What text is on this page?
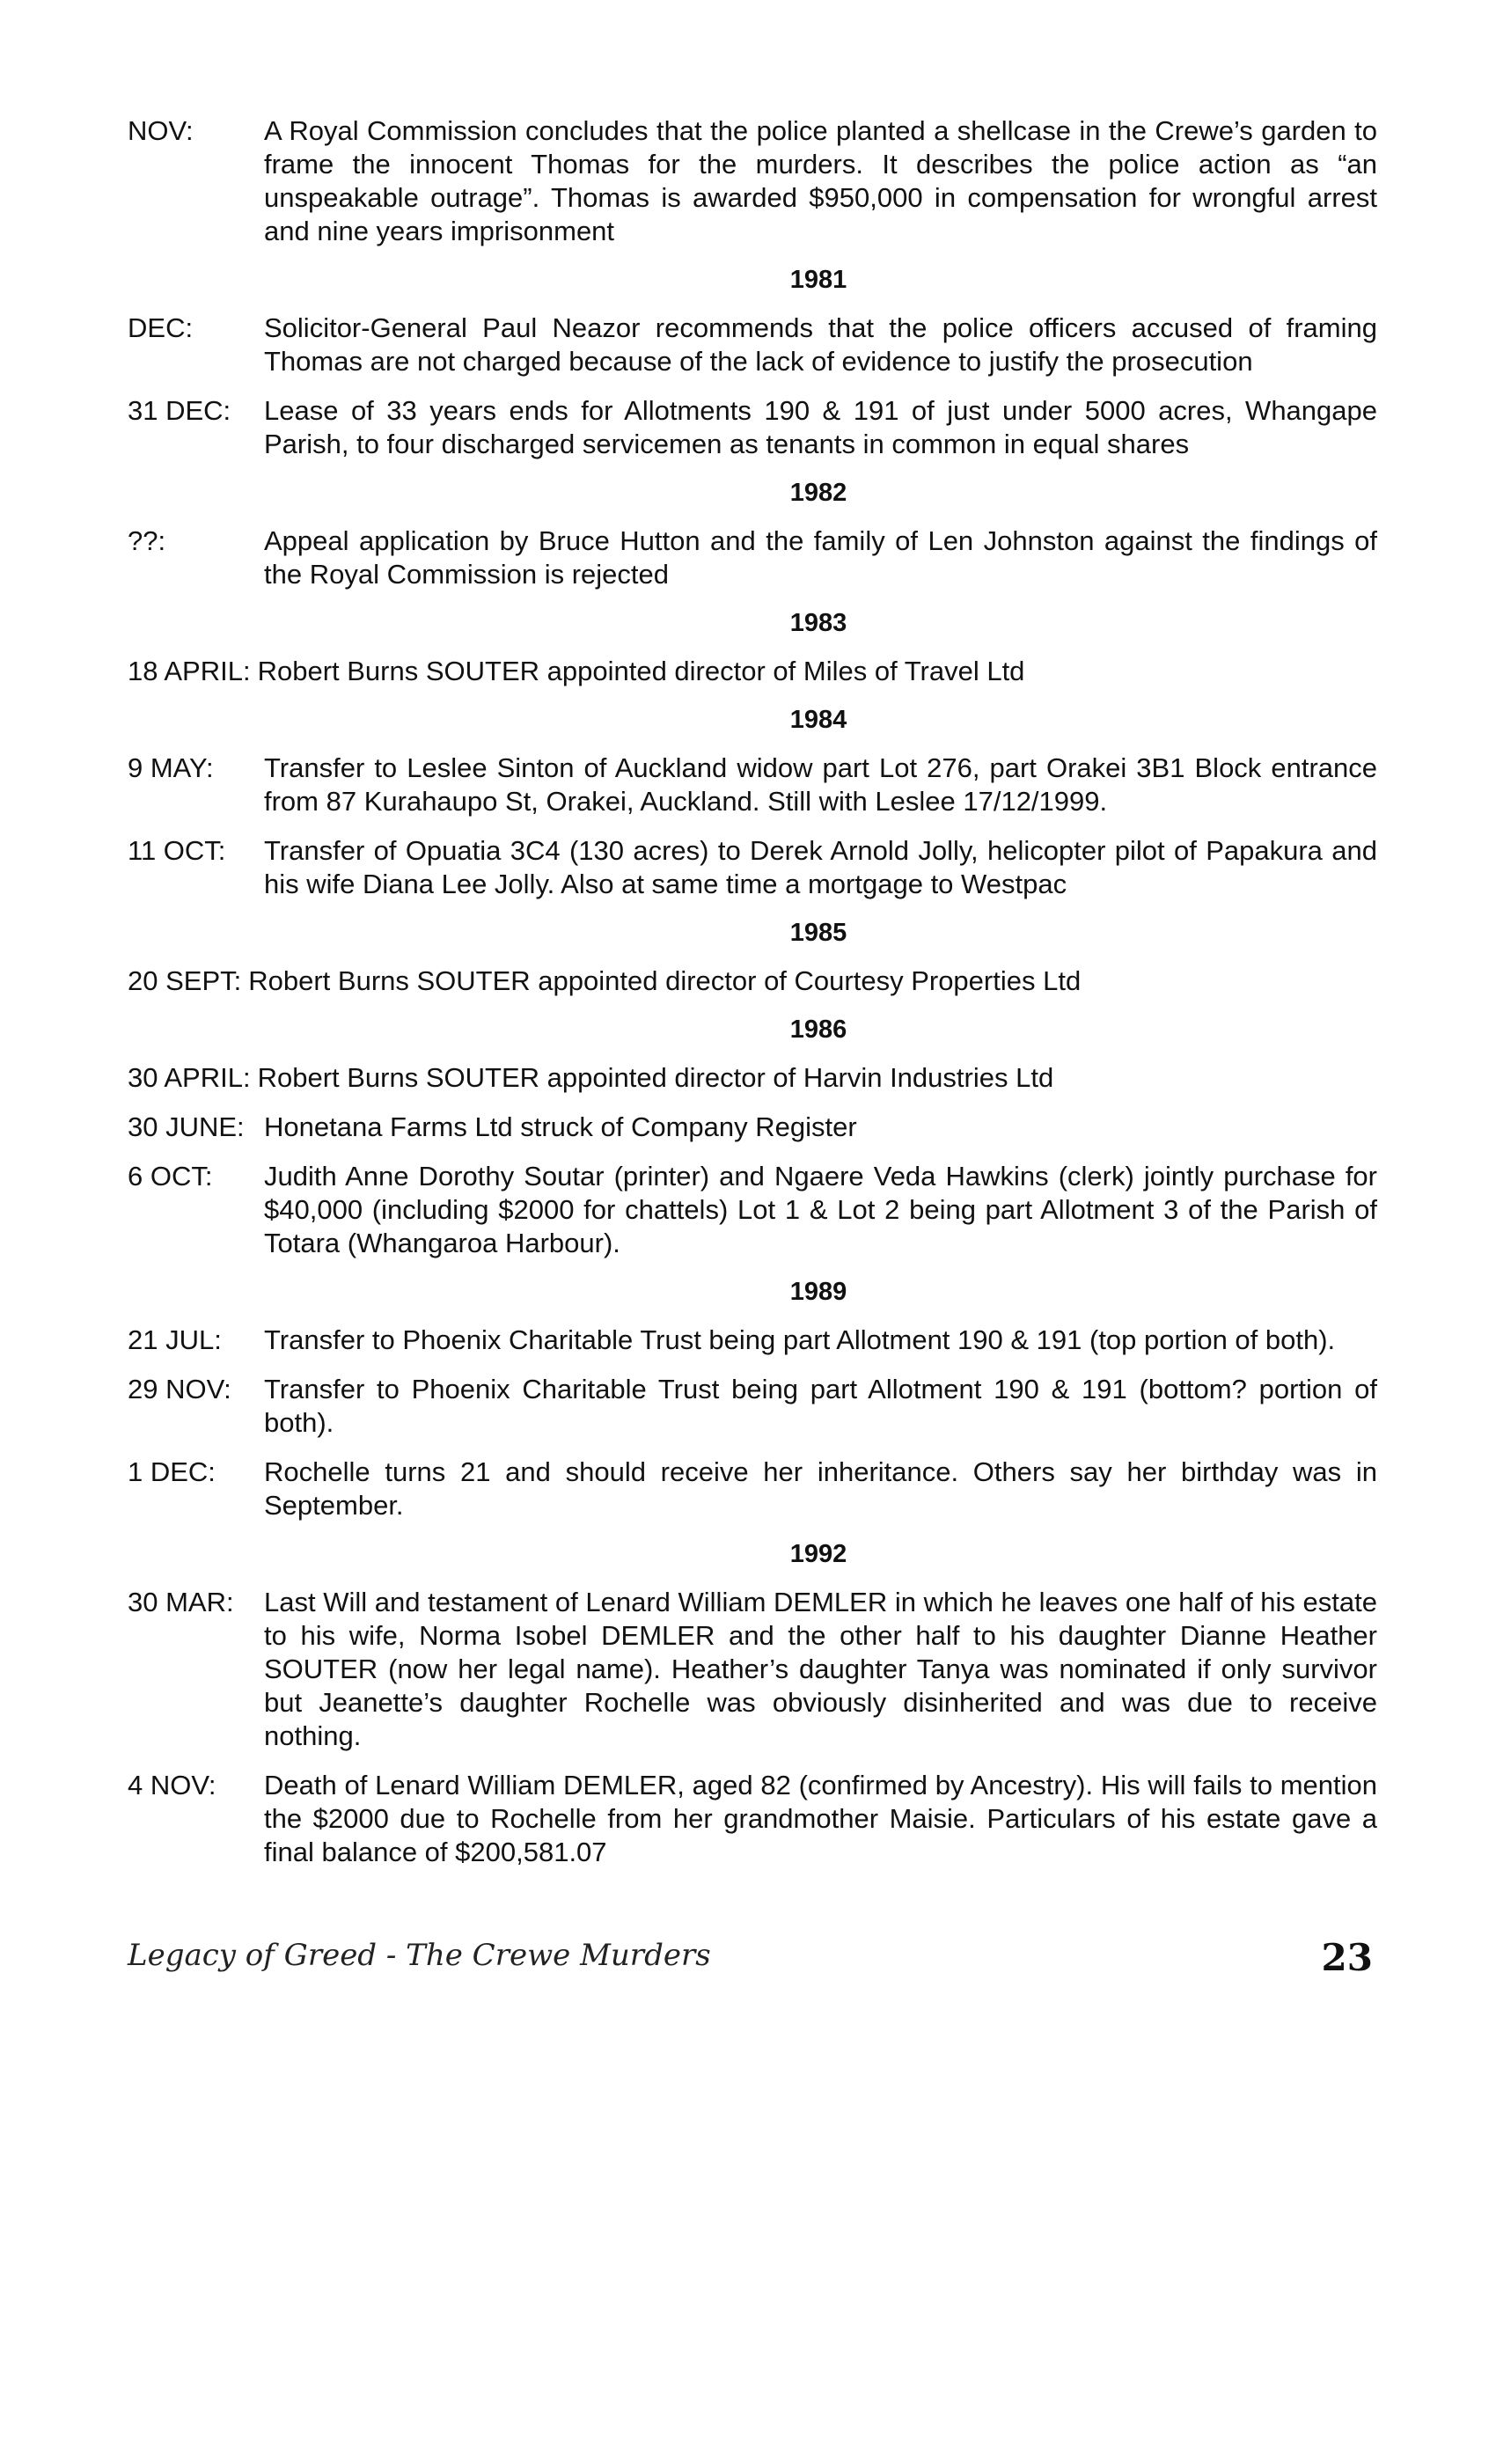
NOV:	A Royal Commission concludes that the police planted a shellcase in the Crewe’s garden to frame the innocent Thomas for the murders. It describes the police action as “an unspeakable outrage”. Thomas is awarded $950,000 in compensation for wrongful arrest and nine years imprisonment
1981
DEC:	Solicitor-General Paul Neazor recommends that the police officers accused of framing Thomas are not charged because of the lack of evidence to justify the prosecution
31 DEC:	Lease of 33 years ends for Allotments 190 & 191 of just under 5000 acres, Whangape Parish, to four discharged servicemen as tenants in common in equal shares
1982
??:	Appeal application by Bruce Hutton and the family of Len Johnston against the findings of the Royal Commission is rejected
1983
18 APRIL: Robert Burns SOUTER appointed director of Miles of Travel Ltd
1984
9 MAY:	Transfer to Leslee Sinton of Auckland widow part Lot 276, part Orakei 3B1 Block entrance from 87 Kurahaupo St, Orakei, Auckland. Still with Leslee 17/12/1999.
11 OCT:	Transfer of Opuatia 3C4 (130 acres) to Derek Arnold Jolly, helicopter pilot of Papakura and his wife Diana Lee Jolly. Also at same time a mortgage to Westpac
1985
20 SEPT: Robert Burns SOUTER appointed director of Courtesy Properties Ltd
1986
30 APRIL: Robert Burns SOUTER appointed director of Harvin Industries Ltd
30 JUNE: Honetana Farms Ltd struck of Company Register
6 OCT:	Judith Anne Dorothy Soutar (printer) and Ngaere Veda Hawkins (clerk) jointly purchase for $40,000 (including $2000 for chattels) Lot 1 & Lot 2 being part Allotment 3 of the Parish of Totara (Whangaroa Harbour).
1989
21 JUL:	Transfer to Phoenix Charitable Trust being part Allotment 190 & 191 (top portion of both).
29 NOV:	Transfer to Phoenix Charitable Trust being part Allotment 190 & 191 (bottom? portion of both).
1 DEC:	Rochelle turns 21 and should receive her inheritance. Others say her birthday was in September.
1992
30 MAR:	Last Will and testament of Lenard William DEMLER in which he leaves one half of his estate to his wife, Norma Isobel DEMLER and the other half to his daughter Dianne Heather SOUTER (now her legal name). Heather’s daughter Tanya was nominated if only survivor but Jeanette’s daughter Rochelle was obviously disinherited and was due to receive nothing.
4 NOV:	Death of Lenard William DEMLER, aged 82 (confirmed by Ancestry). His will fails to mention the $2000 due to Rochelle from her grandmother Maisie. Particulars of his estate gave a final balance of $200,581.07
Legacy of Greed - The Crewe Murders	23
